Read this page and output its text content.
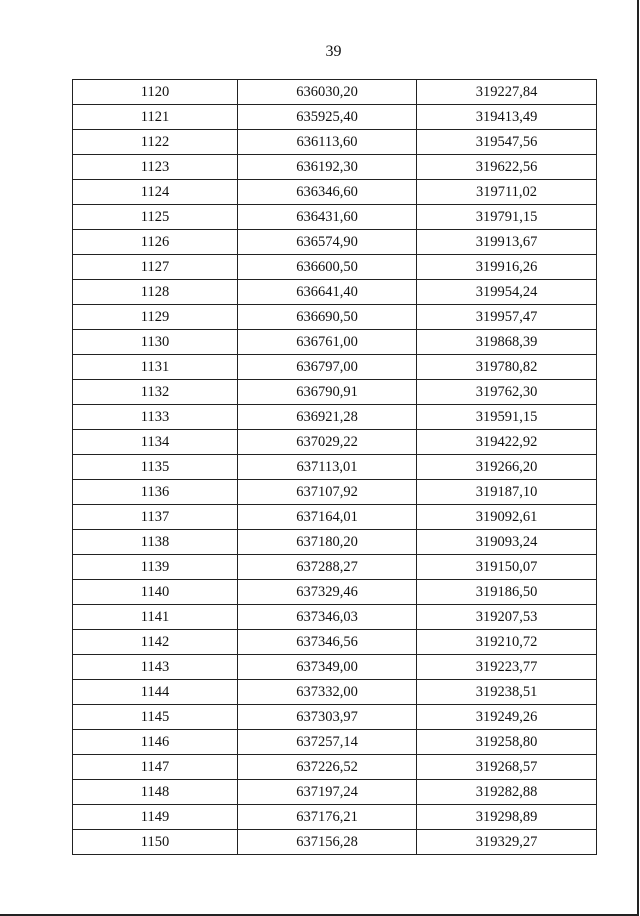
39
1120	636030,20	319227,84
1121	635925,40	319413,49
1122	636113,60	319547,56
1123	636192,30	319622,56
1124	636346,60	319711,02
1125	636431,60	319791,15
1126	636574,90	319913,67
1127	636600,50	319916,26
1128	636641,40	319954,24
1129	636690,50	319957,47
1130	636761,00	319868,39
1131	636797,00	319780,82
1132	636790,91	319762,30
1133	636921,28	319591,15
1134	637029,22	319422,92
1135	637113,01	319266,20
1136	637107,92	319187,10
1137	637164,01	319092,61
1138	637180,20	319093,24
1139	637288,27	319150,07
1140	637329,46	319186,50
1141	637346,03	319207,53
1142	637346,56	319210,72
1143	637349,00	319223,77
1144	637332,00	319238,51
1145	637303,97	319249,26
1146	637257,14	319258,80
1147	637226,52	319268,57
1148	637197,24	319282,88
1149	637176,21	319298,89
1150	637156,28	319329,27
